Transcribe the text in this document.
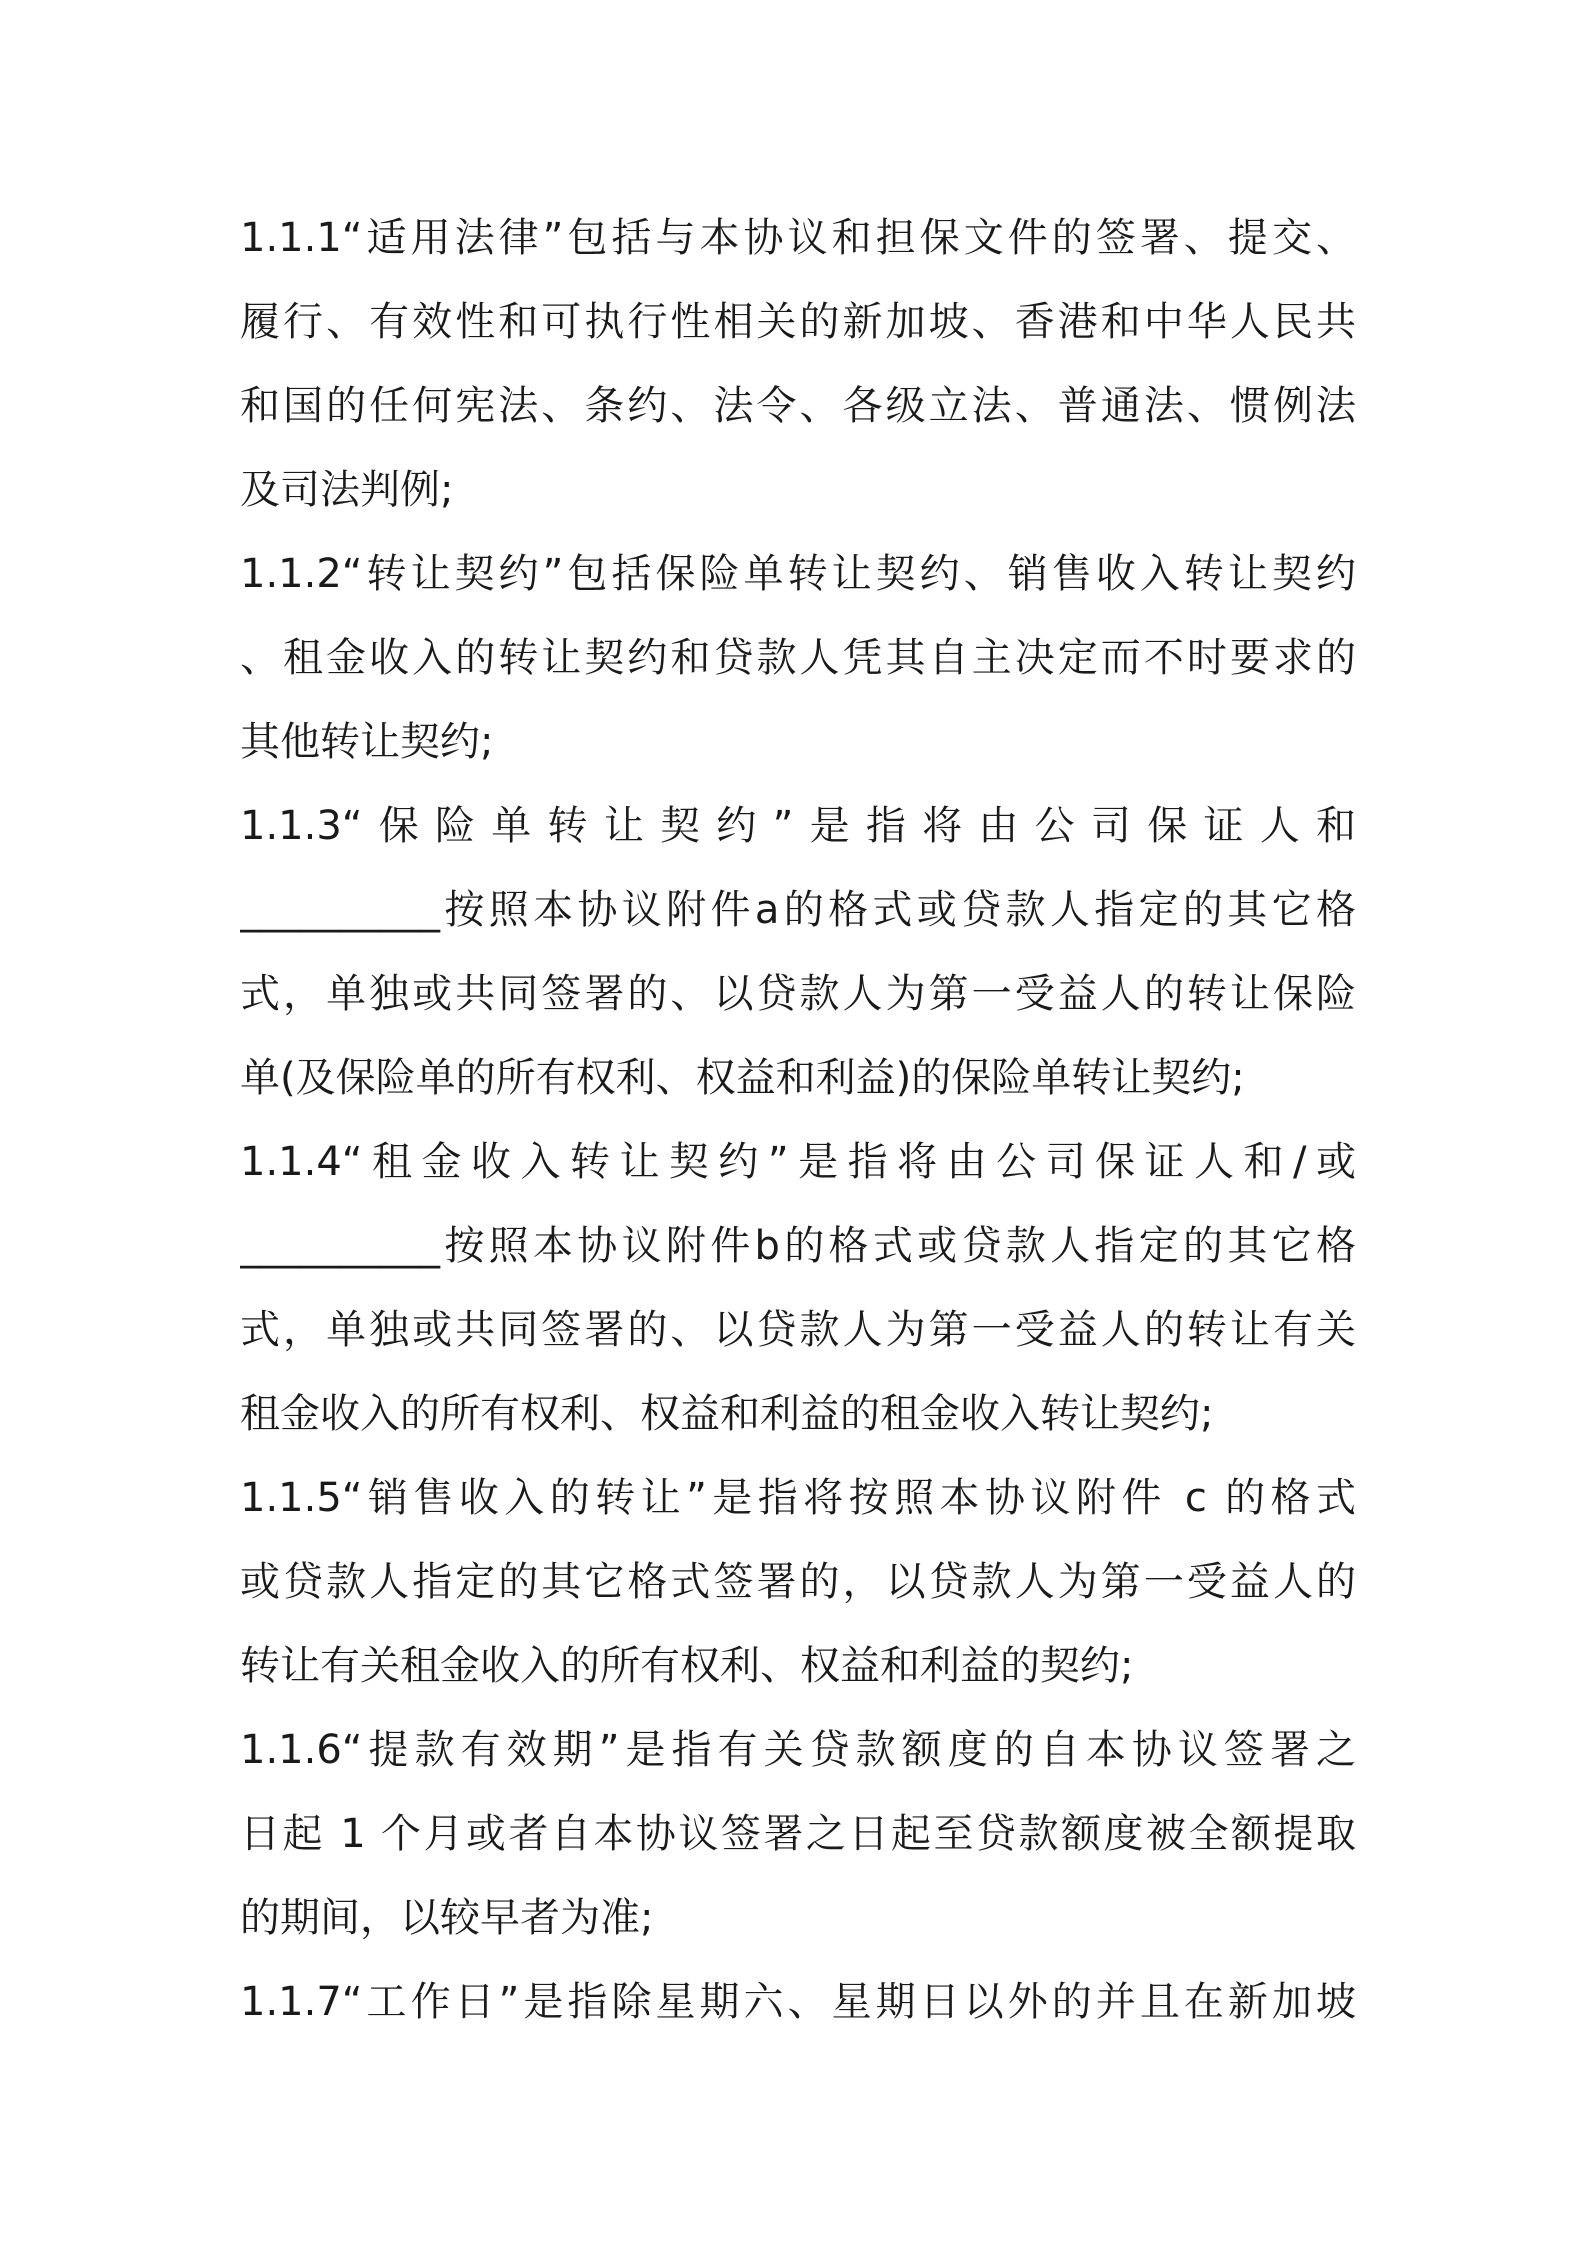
1.1.1“适用法律”包括与本协议和担保文件的签署、提交、
履行、有效性和可执行性相关的新加坡、香港和中华人民共
和国的任何宪法、条约、法令、各级立法、普通法、惯例法
及司法判例;
1.1.2“转让契约”包括保险单转让契约、销售收入转让契约
、租金收入的转让契约和贷款人凭其自主决定而不时要求的
其他转让契约;
1.1.3“保险单转让契约”是指将由公司保证人和
__________按照本协议附件a的格式或贷款人指定的其它格
式，单独或共同签署的、以贷款人为第一受益人的转让保险
单(及保险单的所有权利、权益和利益)的保险单转让契约;
1.1.4“租金收入转让契约”是指将由公司保证人和/或
__________按照本协议附件b的格式或贷款人指定的其它格
式，单独或共同签署的、以贷款人为第一受益人的转让有关
租金收入的所有权利、权益和利益的租金收入转让契约;
1.1.5“销售收入的转让”是指将按照本协议附件 c 的格式
或贷款人指定的其它格式签署的，以贷款人为第一受益人的
转让有关租金收入的所有权利、权益和利益的契约;
1.1.6“提款有效期”是指有关贷款额度的自本协议签署之
日起 1 个月或者自本协议签署之日起至贷款额度被全额提取
的期间，以较早者为准;
1.1.7“工作日”是指除星期六、星期日以外的并且在新加坡
